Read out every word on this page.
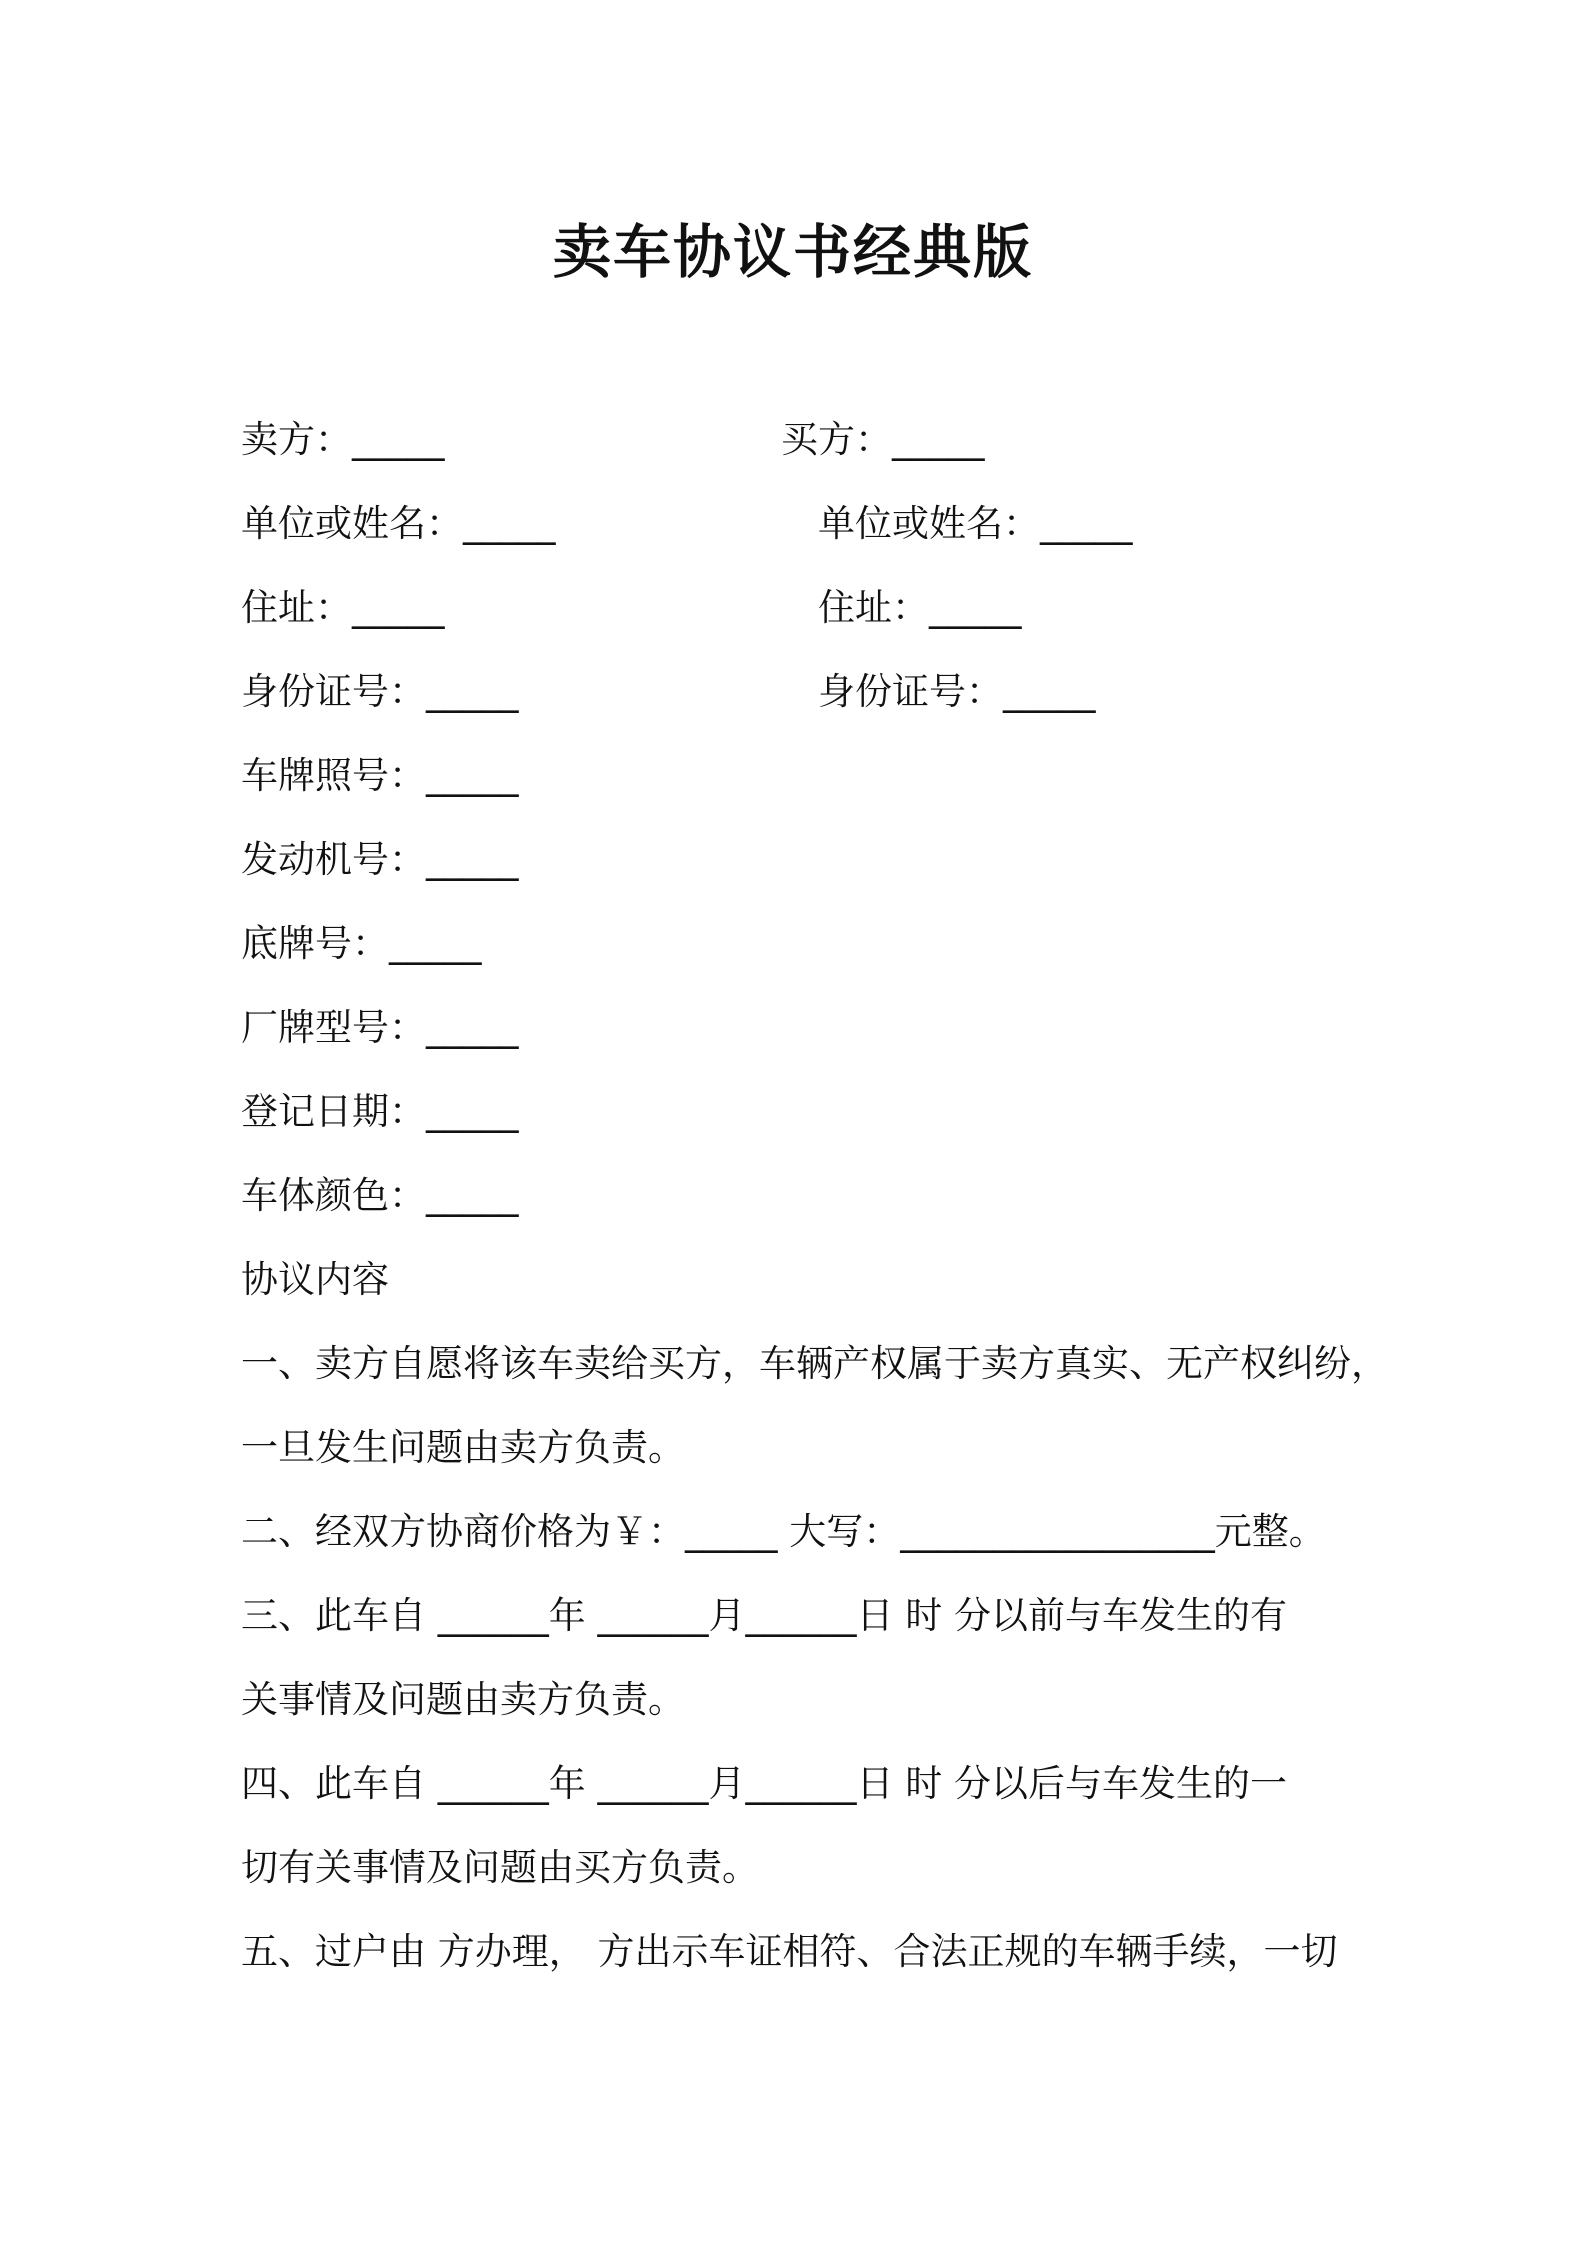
卖车协议书经典版
卖方：_____	买方：_____
单位或姓名：_____	单位或姓名：_____
住址：_____	住址：_____
身份证号：_____	身份证号：_____
车牌照号：_____
发动机号：_____
底牌号：_____
厂牌型号：_____
登记日期：_____
车体颜色：_____
协议内容
一、卖方自愿将该车卖给买方，车辆产权属于卖方真实、无产权纠纷，
一旦发生问题由卖方负责。
二、经双方协商价格为￥：_____ 大写：_________________元整。
三、此车自 ______年 ______月______日 时 分以前与车发生的有
关事情及问题由卖方负责。
四、此车自 ______年 ______月______日 时 分以后与车发生的一
切有关事情及问题由买方负责。
五、过户由 方办理， 方出示车证相符、合法正规的车辆手续，一切
